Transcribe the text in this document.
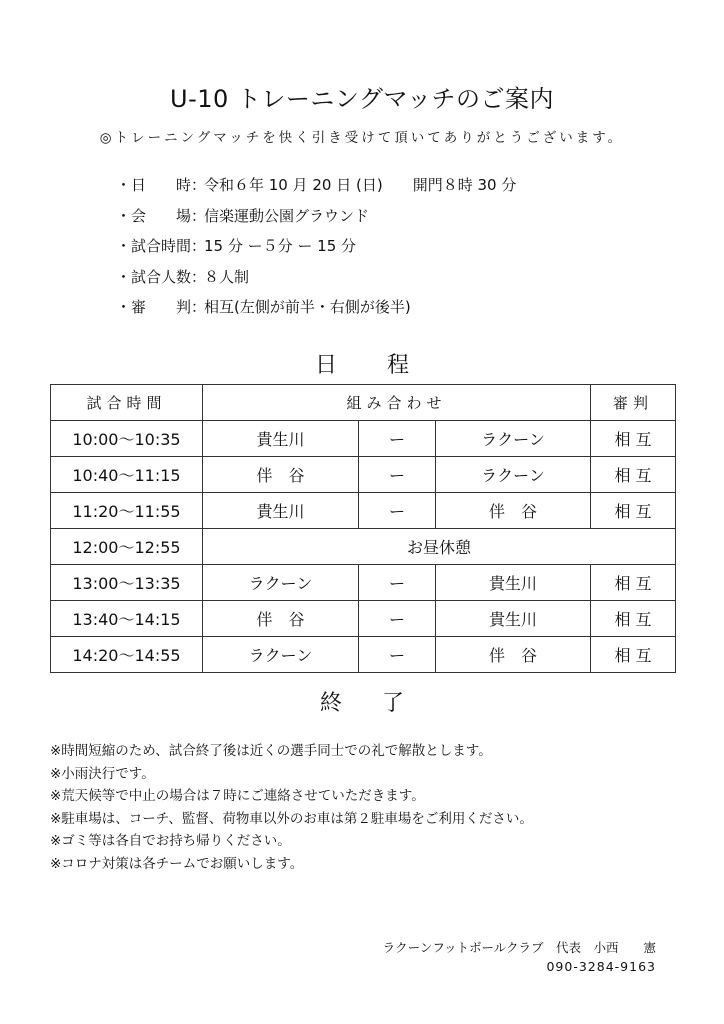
U-10 トレーニングマッチのご案内
◎トレーニングマッチを快く引き受けて頂いてありがとうございます。
・日　　時：
令和６年 10 月 20 日 (日)　　開門８時 30 分
・会　　場：
信楽運動公園グラウンド
・試合時間：
15 分 ー５分 ー 15 分
・試合人数：
８人制
・審　　判：
相互(左側が前半・右側が後半)
日程
試合時間	組み合わせ			審判
10:00～10:35	貴生川	ー	ラクーン	相 互
10:40～11:15	伴　谷	ー	ラクーン	相 互
11:20～11:55	貴生川	ー	伴　谷	相 互
12:00～12:55	お昼休憩			
13:00～13:35	ラクーン	ー	貴生川	相 互
13:40～14:15	伴　谷	ー	貴生川	相 互
14:20～14:55	ラクーン	ー	伴　谷	相 互
終了
※時間短縮のため、試合終了後は近くの選手同士での礼で解散とします。
※小雨決行です。
※荒天候等で中止の場合は７時にご連絡させていただきます。
※駐車場は、コーチ、監督、荷物車以外のお車は第２駐車場をご利用ください。
※ゴミ等は各自でお持ち帰りください。
※コロナ対策は各チームでお願いします。
ラクーンフットボールクラブ　代表　小西　　憲
090-3284-9163
